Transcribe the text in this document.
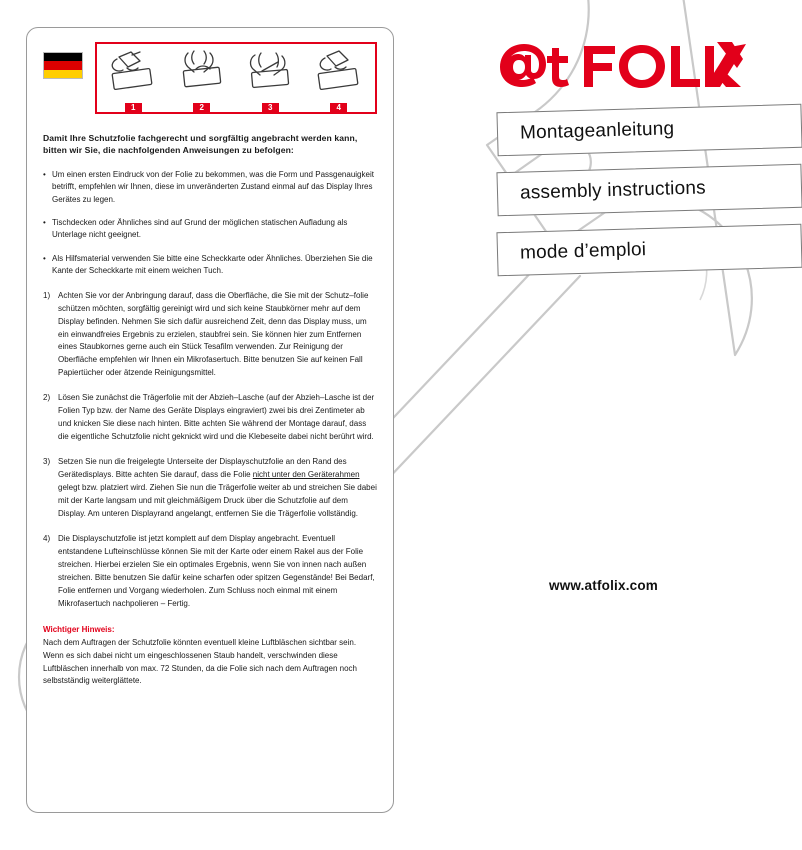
1	2	3	4
Damit Ihre Schutzfolie fachgerecht und sorgfältig angebracht werden kann, bitten wir Sie, die nachfolgenden Anweisungen zu befolgen:
• Um einen ersten Eindruck von der Folie zu bekommen, was die Form und Passgenauigkeit betrifft, empfehlen wir Ihnen, diese im unveränderten Zustand einmal auf das Display Ihres Gerätes zu legen.
• Tischdecken oder Ähnliches sind auf Grund der möglichen statischen Aufladung als Unterlage nicht geeignet.
• Als Hilfsmaterial verwenden Sie bitte eine Scheckkarte oder Ähnliches. Überziehen Sie die Kante der Scheckkarte mit einem weichen Tuch.
1) Achten Sie vor der Anbringung darauf, dass die Oberfläche, die Sie mit der Schutz–folie schützen möchten, sorgfältig gereinigt wird und sich keine Staubkörner mehr auf dem Display befinden. Nehmen Sie sich dafür ausreichend Zeit, denn das Display muss, um ein einwandfreies Ergebnis zu erzielen, staubfrei sein. Sie können hier zum Entfernen eines Staubkornes gerne auch ein Stück Tesafilm verwenden. Zur Reinigung der Oberfläche empfehlen wir Ihnen ein Mikrofasertuch. Bitte benutzen Sie auf keinen Fall Papiertücher oder ätzende Reinigungsmittel.
2) Lösen Sie zunächst die Trägerfolie mit der Abzieh–Lasche (auf der Abzieh–Lasche ist der Folien Typ bzw. der Name des Geräte Displays eingraviert) zwei bis drei Zentimeter ab und knicken Sie diese nach hinten. Bitte achten Sie während der Montage darauf, dass die eigentliche Schutzfolie nicht geknickt wird und die Klebeseite dabei nicht berührt wird.
3) Setzen Sie nun die freigelegte Unterseite der Displayschutzfolie an den Rand des Gerätedisplays. Bitte achten Sie darauf, dass die Folie nicht unter den Geräterahmen gelegt bzw. platziert wird. Ziehen Sie nun die Trägerfolie weiter ab und streichen Sie dabei mit der Karte langsam und mit gleichmäßigem Druck über die Schutzfolie auf dem Display. Am unteren Displayrand angelangt, entfernen Sie die Trägerfolie vollständig.
4) Die Displayschutzfolie ist jetzt komplett auf dem Display angebracht. Eventuell entstandene Lufteinschlüsse können Sie mit der Karte oder einem Rakel aus der Folie streichen. Hierbei erzielen Sie ein optimales Ergebnis, wenn Sie von innen nach außen streichen. Bitte benutzen Sie dafür keine scharfen oder spitzen Gegenstände! Bei Bedarf, Folie entfernen und Vorgang wiederholen. Zum Schluss noch einmal mit einem Mikrofasertuch nachpolieren – Fertig.
Wichtiger Hinweis:
Nach dem Auftragen der Schutzfolie könnten eventuell kleine Luftbläschen sichtbar sein. Wenn es sich dabei nicht um eingeschlossenen Staub handelt, verschwinden diese Luftbläschen innerhalb von max. 72 Stunden, da die Folie sich nach dem Auftragen noch selbstständig weiterglättete.
Montageanleitung
assembly instructions
mode d’emploi
www.atfolix.com
